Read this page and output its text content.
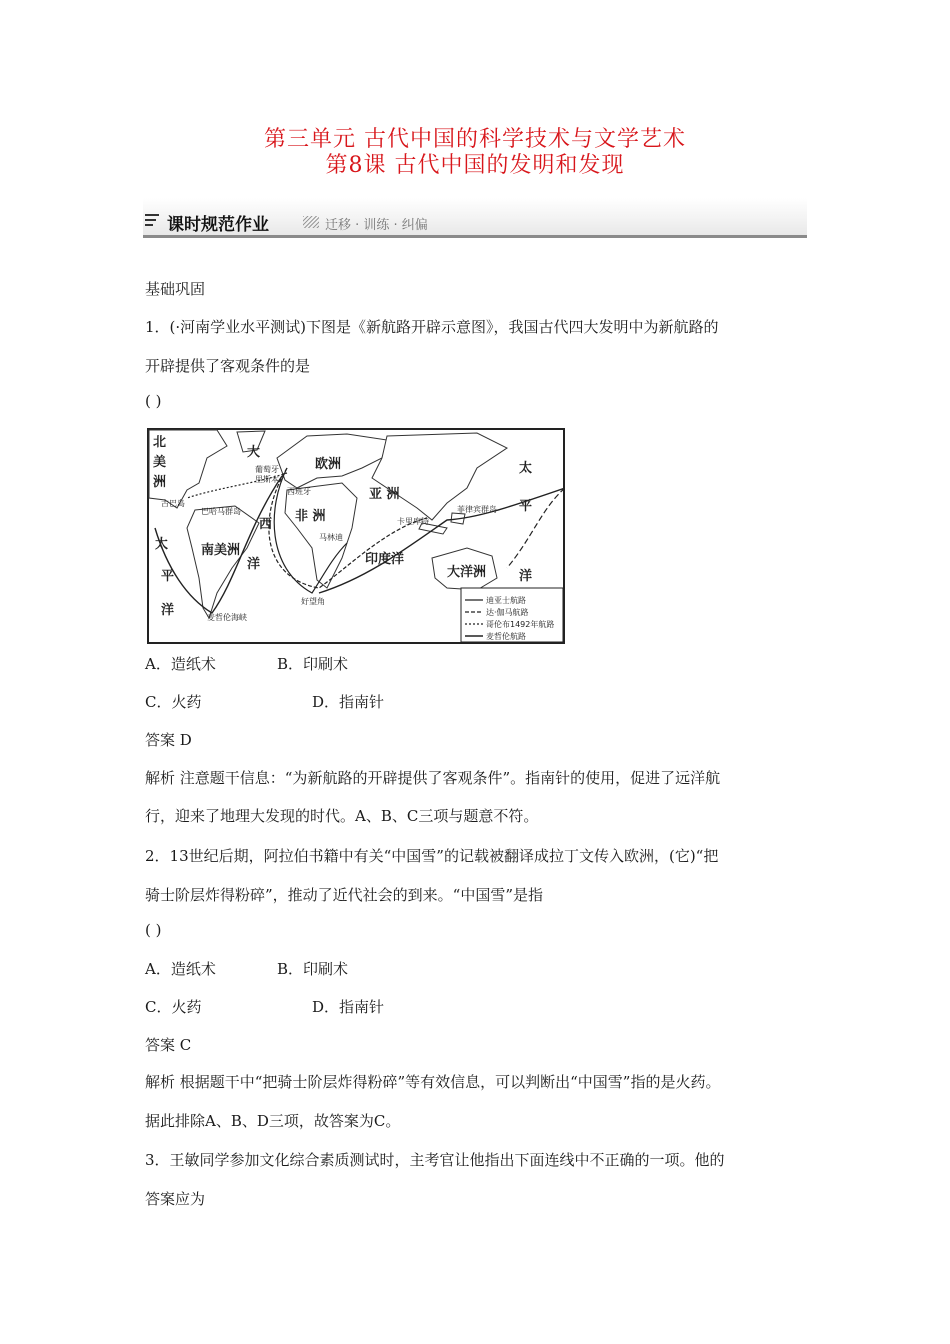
第三单元 古代中国的科学技术与文学艺术
第8课 古代中国的发明和发现
课时规范作业	迁移 · 训练 · 纠偏
基础巩固
1．(·河南学业水平测试)下图是《新航路开辟示意图》，我国古代四大发明中为新航路的
开辟提供了客观条件的是
( )
迪亚士航路
达·伽马航路
哥伦布1492年航路
麦哲伦航路
北
美
洲
大
西
洋
欧洲
亚 洲
非 洲
南美洲
印度洋
大洋洲
太
平
洋
太
平
洋
葡萄牙
里斯本
西班牙
古巴岛
巴哈马群岛
卡里库特
菲律宾群岛
马林迪
好望角
麦哲伦海峡
A．造纸术	B．印刷术
C．火药	D．指南针
答案 D
解析 注意题干信息：“为新航路的开辟提供了客观条件”。指南针的使用，促进了远洋航
行，迎来了地理大发现的时代。A、B、C三项与题意不符。
2．13世纪后期，阿拉伯书籍中有关“中国雪”的记载被翻译成拉丁文传入欧洲，(它)“把
骑士阶层炸得粉碎”，推动了近代社会的到来。“中国雪”是指
( )
A．造纸术	B．印刷术
C．火药	D．指南针
答案 C
解析 根据题干中“把骑士阶层炸得粉碎”等有效信息，可以判断出“中国雪”指的是火药。
据此排除A、B、D三项，故答案为C。
3．王敏同学参加文化综合素质测试时，主考官让他指出下面连线中不正确的一项。他的
答案应为
